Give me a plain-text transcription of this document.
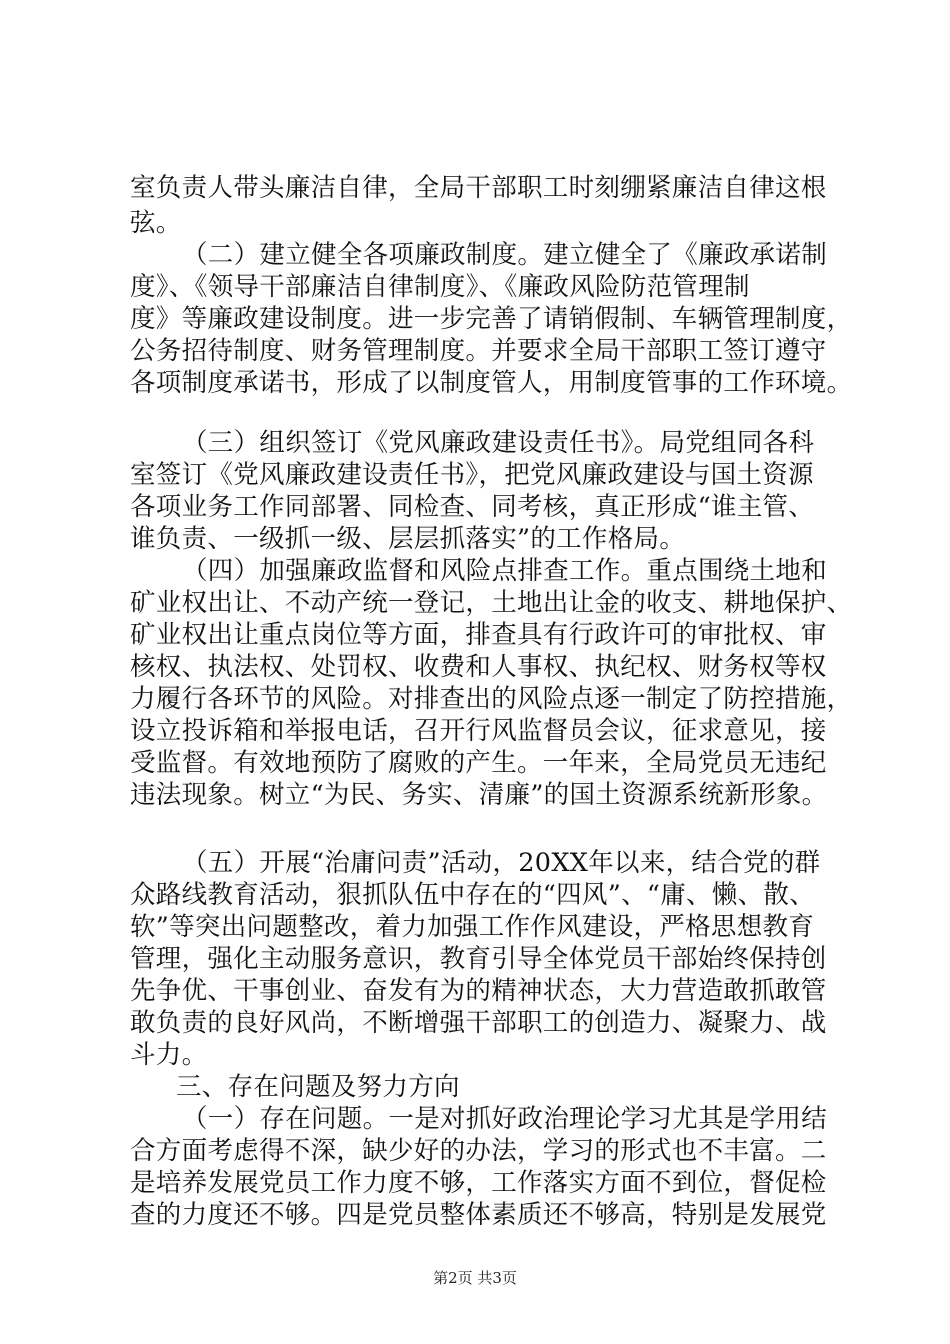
室负责人带头廉洁自律，全局干部职工时刻绷紧廉洁自律这根
弦。
（二）建立健全各项廉政制度。建立健全了《廉政承诺制
度》、《领导干部廉洁自律制度》、《廉政风险防范管理制
度》等廉政建设制度。进一步完善了请销假制、车辆管理制度，
公务招待制度、财务管理制度。并要求全局干部职工签订遵守
各项制度承诺书，形成了以制度管人，用制度管事的工作环境。
（三）组织签订《党风廉政建设责任书》。局党组同各科
室签订《党风廉政建设责任书》，把党风廉政建设与国土资源
各项业务工作同部署、同检查、同考核，真正形成“谁主管、
谁负责、一级抓一级、层层抓落实”的工作格局。
（四）加强廉政监督和风险点排查工作。重点围绕土地和
矿业权出让、不动产统一登记，土地出让金的收支、耕地保护、
矿业权出让重点岗位等方面，排查具有行政许可的审批权、审
核权、执法权、处罚权、收费和人事权、执纪权、财务权等权
力履行各环节的风险。对排查出的风险点逐一制定了防控措施，
设立投诉箱和举报电话，召开行风监督员会议，征求意见，接
受监督。有效地预防了腐败的产生。一年来，全局党员无违纪
违法现象。树立“为民、务实、清廉”的国土资源系统新形象。
（五）开展“治庸问责”活动，20XX年以来，结合党的群
众路线教育活动，狠抓队伍中存在的“四风”、“庸、懒、散、
软”等突出问题整改，着力加强工作作风建设，严格思想教育
管理，强化主动服务意识，教育引导全体党员干部始终保持创
先争优、干事创业、奋发有为的精神状态，大力营造敢抓敢管
敢负责的良好风尚，不断增强干部职工的创造力、凝聚力、战
斗力。
三、存在问题及努力方向
（一）存在问题。一是对抓好政治理论学习尤其是学用结
合方面考虑得不深，缺少好的办法，学习的形式也不丰富。二
是培养发展党员工作力度不够，工作落实方面不到位，督促检
查的力度还不够。四是党员整体素质还不够高，特别是发展党
第2页 共3页
